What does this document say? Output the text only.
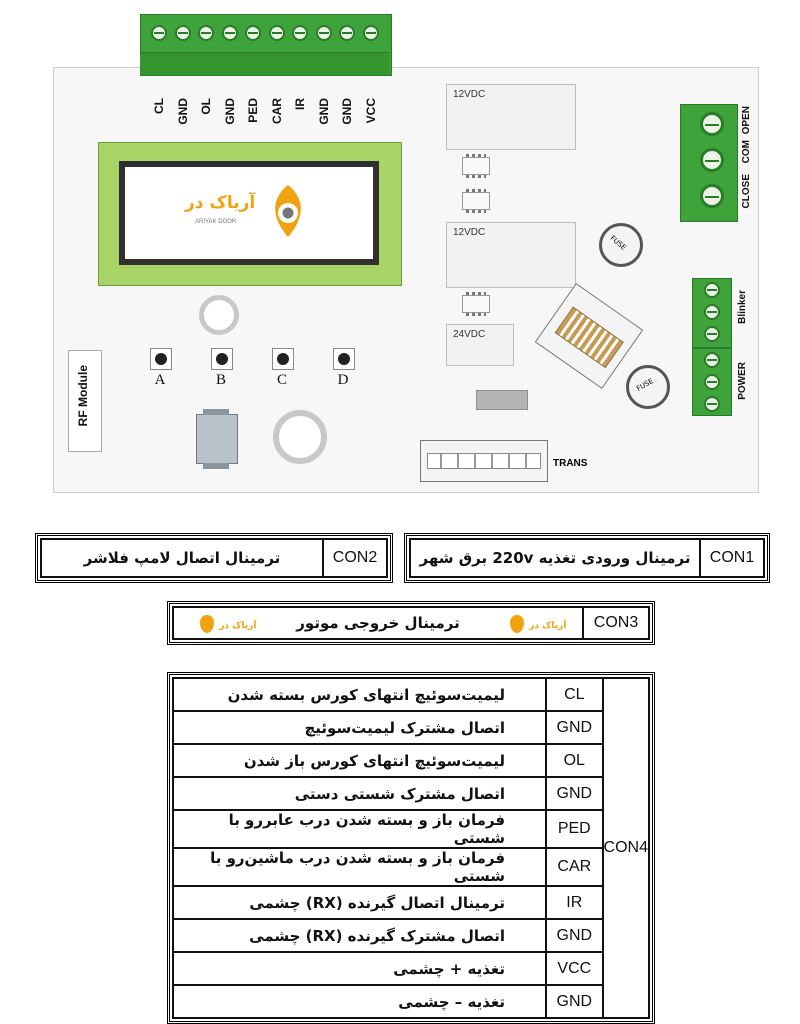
CL GND OL GND PED CAR IR GND GND VCC
آریاک در
ARIYAK DOOR
A	B	C	D
RF Module
12VDC
12VDC
24VDC
FUSE
FUSE
TRANS
CLOSE
COM
OPEN
Blinker
POWER
ترمینال اتصال لامپ فلاشر	CON2	ترمینال ورودی تغذیه 220v برق شهر	CON1
آریاک در	ترمینال خروجی موتور	آریاک در	CON3
لیمیت‌سوئیچ انتهای کورس بسته شدن	CL	CON4
اتصال مشترک لیمیت‌سوئیچ	GND	
لیمیت‌سوئیچ انتهای کورس باز شدن	OL	
اتصال مشترک شستی دستی	GND	
فرمان باز و بسته شدن درب عابررو با شستی	PED	
فرمان باز و بسته شدن درب ماشین‌رو با شستی	CAR	
ترمینال اتصال گیرنده (RX) چشمی	IR	
اتصال مشترک گیرنده (RX) چشمی	GND	
تغذیه + چشمی	VCC	
تغذیه – چشمی	GND	
